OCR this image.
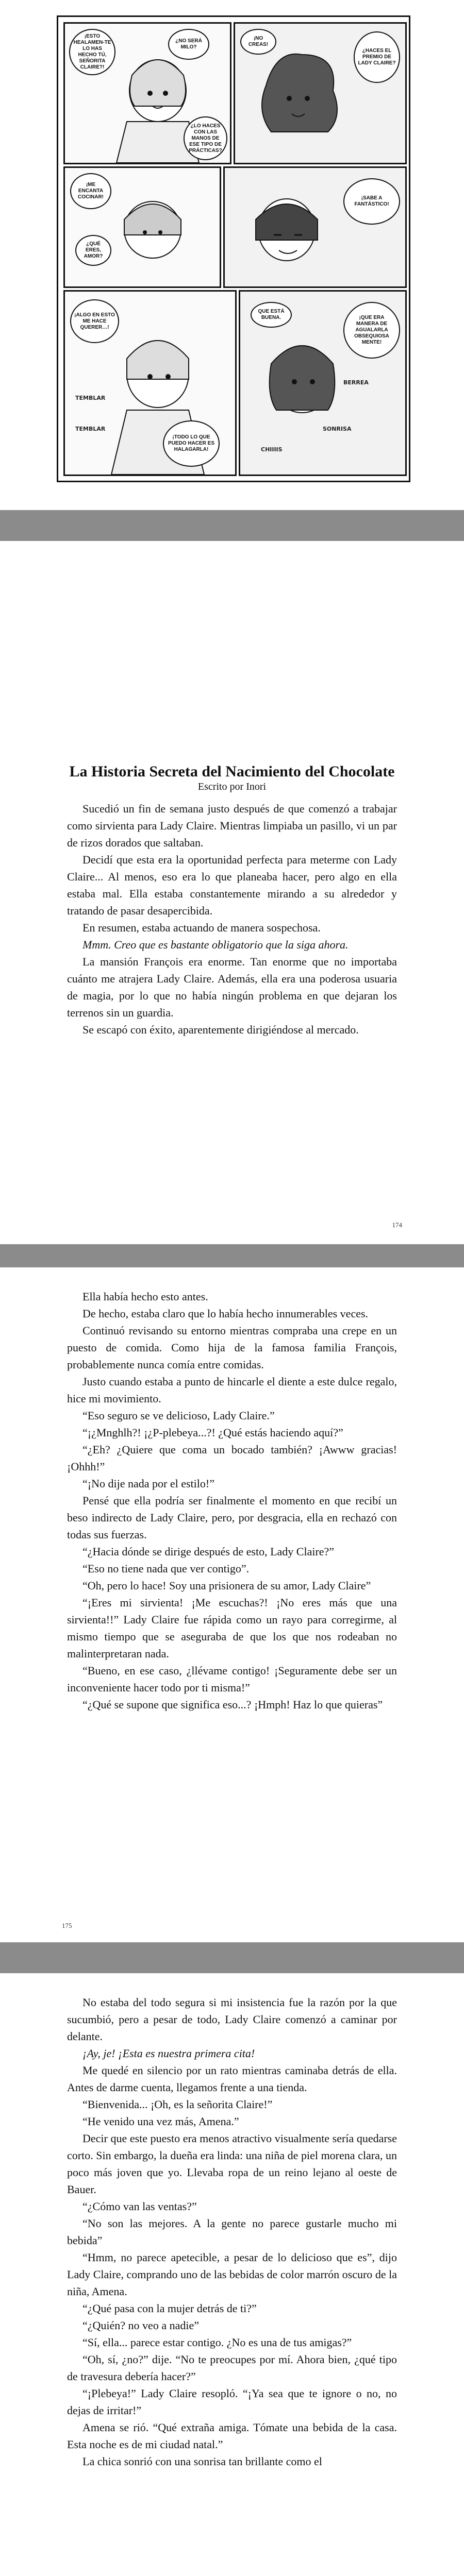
¡ESTO HEALAMEN-TE LO HAS HECHO TÚ, SEÑORITA CLAIRE?!
¿NO SERÁ MILO?
¿LO HACES CON LAS MANOS DE ESE TIPO DE PRÁCTICAS?
¿HACES EL PREMIO DE LADY CLAIRE?
¡NO CREAS!
¡ME ENCANTA COCINAR!
¿QUÉ ERES, AMOR?
¡SABE A FANTÁSTICO!
¡ALGO EN ESTO ME HACE QUERER…!
¡TODO LO QUE PUEDO HACER ES HALAGARLA!
TEMBLAR
TEMBLAR
¡QUE ERA MANERA DE AGUALARLA OBSEQUIOSA MENTE!
QUE ESTÁ BUENA.
BERREA
SONRISA
CHIIIIS
La Historia Secreta del Nacimiento del Chocolate

Escrito por Inori

Sucedió un fin de semana justo después de que comenzó a trabajar como sirvienta para Lady Claire. Mientras limpiaba un pasillo, vi un par de rizos dorados que saltaban.

Decidí que esta era la oportunidad perfecta para meterme con Lady Claire... Al menos, eso era lo que planeaba hacer, pero algo en ella estaba mal. Ella estaba constantemente mirando a su alrededor y tratando de pasar desapercibida.

En resumen, estaba actuando de manera sospechosa.

Mmm. Creo que es bastante obligatorio que la siga ahora.

La mansión François era enorme. Tan enorme que no importaba cuánto me atrajera Lady Claire. Además, ella era una poderosa usuaria de magia, por lo que no había ningún problema en que dejaran los terrenos sin un guardia.

Se escapó con éxito, aparentemente dirigiéndose al mercado.

174

Ella había hecho esto antes.

De hecho, estaba claro que lo había hecho innumerables veces.

Continuó revisando su entorno mientras compraba una crepe en un puesto de comida. Como hija de la famosa familia François, probablemente nunca comía entre comidas.

Justo cuando estaba a punto de hincarle el diente a este dulce regalo, hice mi movimiento.

“Eso seguro se ve delicioso, Lady Claire.”

“¡¿Mnghlh?! ¡¿P-plebeya...?! ¿Qué estás haciendo aquí?”

“¿Eh? ¿Quiere que coma un bocado también? ¡Awww gracias! ¡Ohhh!”

“¡No dije nada por el estilo!”

Pensé que ella podría ser finalmente el momento en que recibí un beso indirecto de Lady Claire, pero, por desgracia, ella en rechazó con todas sus fuerzas.

“¿Hacia dónde se dirige después de esto, Lady Claire?”

“Eso no tiene nada que ver contigo”.

“Oh, pero lo hace! Soy una prisionera de su amor, Lady Claire”

“¡Eres mi sirvienta! ¡Me escuchas?! ¡No eres más que una sirvienta!!” Lady Claire fue rápida como un rayo para corregirme, al mismo tiempo que se aseguraba de que los que nos rodeaban no malinterpretaran nada.

“Bueno, en ese caso, ¿llévame contigo! ¡Seguramente debe ser un inconveniente hacer todo por ti misma!”

“¿Qué se supone que significa eso...? ¡Hmph! Haz lo que quieras”

175

No estaba del todo segura si mi insistencia fue la razón por la que sucumbió, pero a pesar de todo, Lady Claire comenzó a caminar por delante.

¡Ay, je! ¡Esta es nuestra primera cita!

Me quedé en silencio por un rato mientras caminaba detrás de ella. Antes de darme cuenta, llegamos frente a una tienda.

“Bienvenida... ¡Oh, es la señorita Claire!”

“He venido una vez más, Amena.”

Decir que este puesto era menos atractivo visualmente sería quedarse corto. Sin embargo, la dueña era linda: una niña de piel morena clara, un poco más joven que yo. Llevaba ropa de un reino lejano al oeste de Bauer.

“¿Cómo van las ventas?”

“No son las mejores. A la gente no parece gustarle mucho mi bebida”

“Hmm, no parece apetecible, a pesar de lo delicioso que es”, dijo Lady Claire, comprando uno de las bebidas de color marrón oscuro de la niña, Amena.

“¿Qué pasa con la mujer detrás de ti?”

“¿Quién? no veo a nadie”

“Sí, ella... parece estar contigo. ¿No es una de tus amigas?”

“Oh, sí, ¿no?” dije. “No te preocupes por mí. Ahora bien, ¿qué tipo de travesura debería hacer?”

“¡Plebeya!” Lady Claire resopló. “¡Ya sea que te ignore o no, no dejas de irritar!”

Amena se rió. “Qué extraña amiga. Tómate una bebida de la casa. Esta noche es de mi ciudad natal.”

La chica sonrió con una sonrisa tan brillante como el
